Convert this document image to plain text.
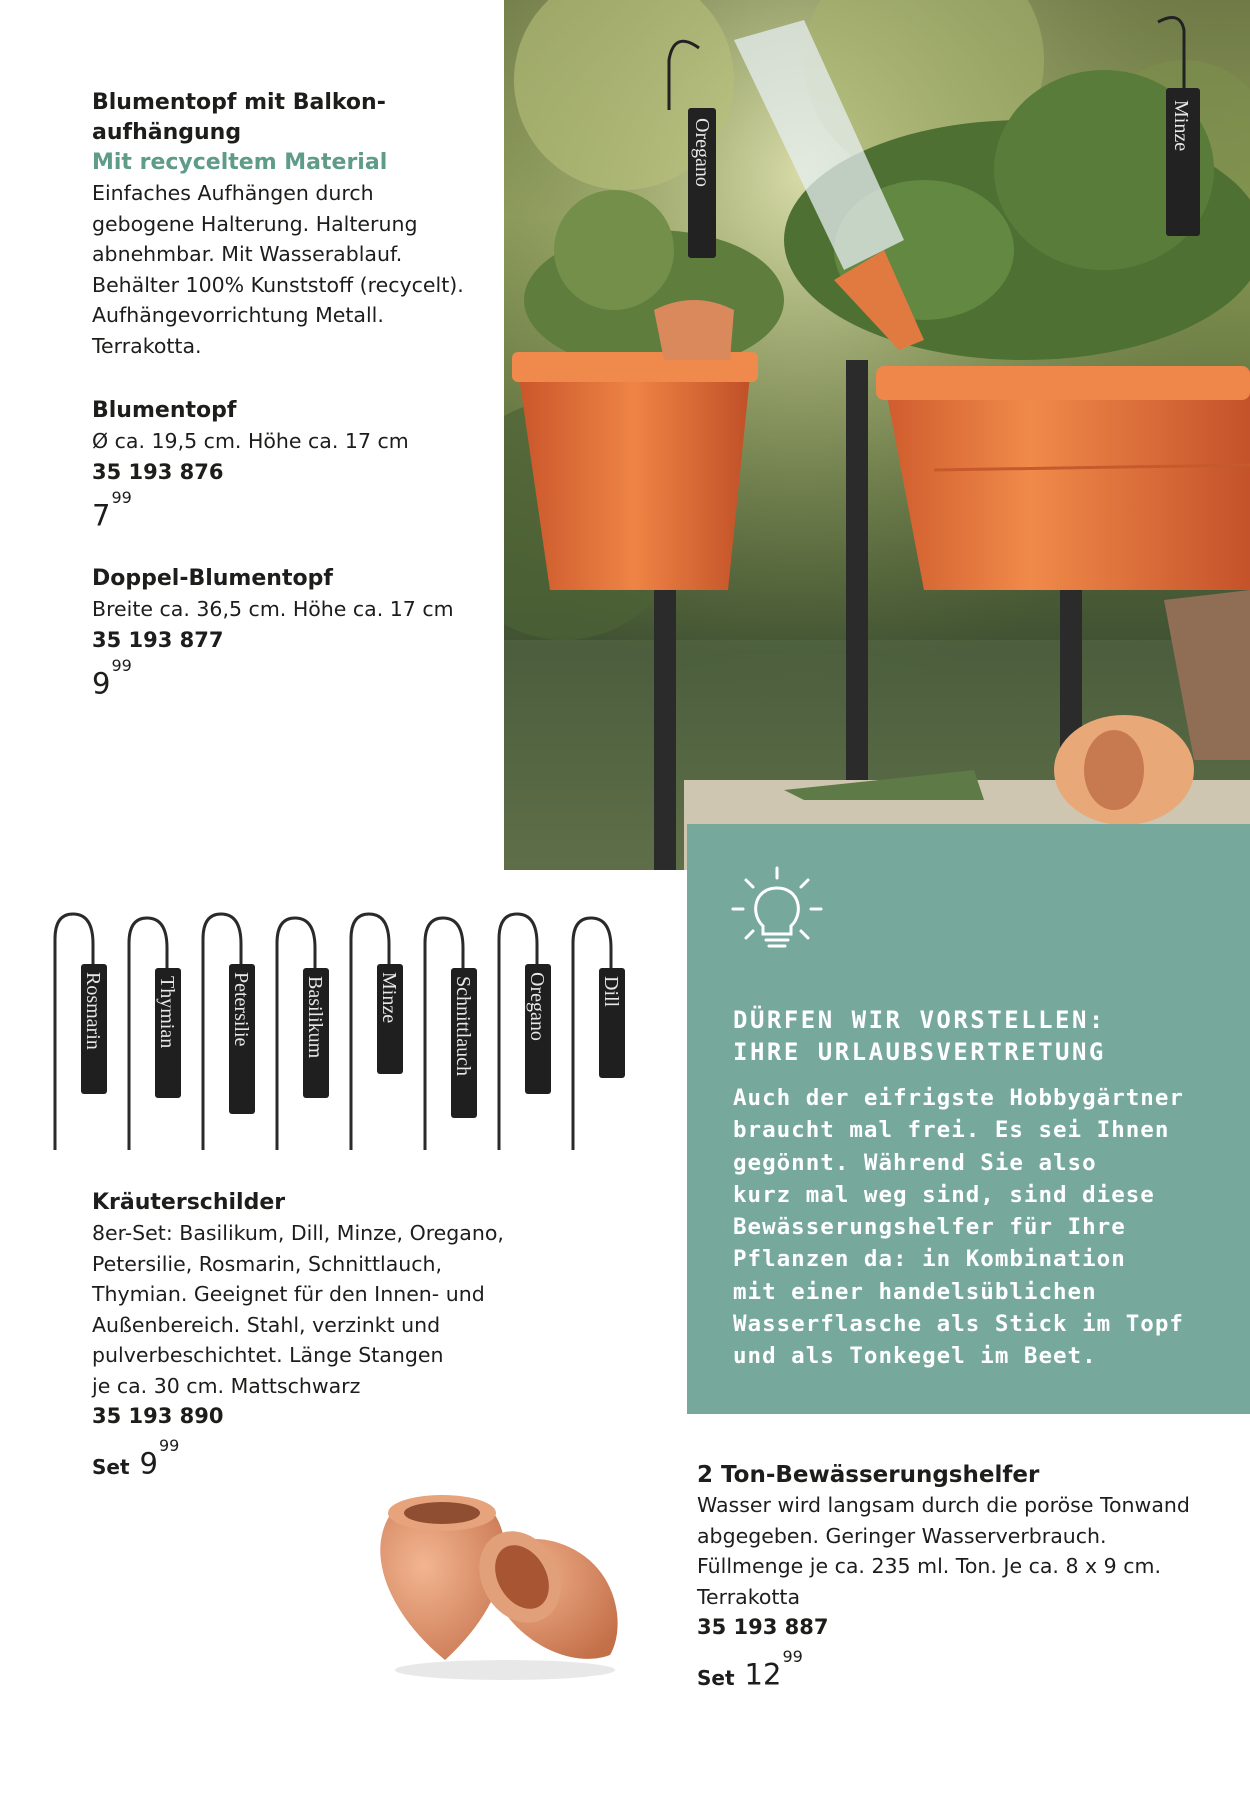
Blumentopf mit Balkon-
aufhängung
Mit recyceltem Material
Einfaches Aufhängen durch
gebogene Halterung. Halterung
abnehmbar. Mit Wasserablauf.
Behälter 100% Kunststoff (recycelt).
Aufhängevorrichtung Metall.
Terrakotta.
Blumentopf
Ø ca. 19,5 cm. Höhe ca. 17 cm
35 193 876
$7^{99}$
Doppel-Blumentopf
Breite ca. 36,5 cm. Höhe ca. 17 cm
35 193 877
$9^{99}$
Oregano	Minze
Rosmarin	Thymian	Petersilie	Basilikum	Minze	Schnittlauch	Oregano	Dill
Kräuterschilder
8er-Set: Basilikum, Dill, Minze, Oregano,
Petersilie, Rosmarin, Schnittlauch,
Thymian. Geeignet für den Innen- und
Außenbereich. Stahl, verzinkt und
pulverbeschichtet. Länge Stangen
je ca. 30 cm. Mattschwarz
35 193 890
Set $9^{99}$
DÜRFEN WIR VORSTELLEN:
IHRE URLAUBSVERTRETUNG
Auch der eifrigste Hobbygärtner
braucht mal frei. Es sei Ihnen
gegönnt. Während Sie also
kurz mal weg sind, sind diese
Bewässerungshelfer für Ihre
Pflanzen da: in Kombination
mit einer handelsüblichen
Wasserflasche als Stick im Topf
und als Tonkegel im Beet.
2 Ton-Bewässerungshelfer
Wasser wird langsam durch die poröse Tonwand
abgegeben. Geringer Wasserverbrauch.
Füllmenge je ca. 235 ml. Ton. Je ca. 8 x 9 cm.
Terrakotta
35 193 887
Set $12^{99}$
